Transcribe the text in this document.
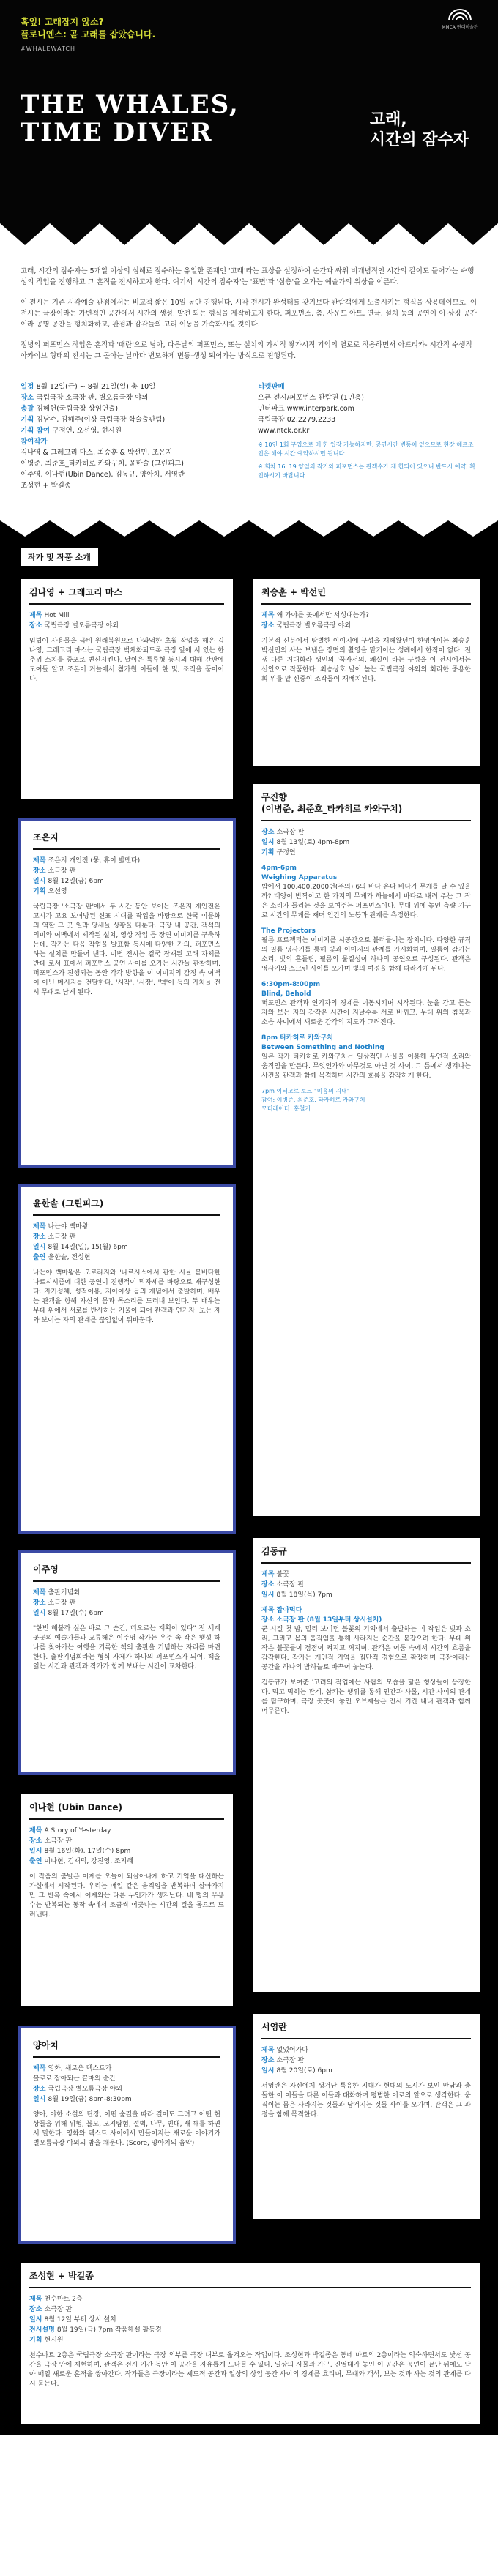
혹잎! 고래잡지 않소?
플로니엔스: 곧 고래를 잡았습니다.
#WHALEWATCH
MMCA 현대미술관
THE WHALES,
TIME DIVER	고래,
시간의 잠수자

고래, 시간의 잠수자는 5개일 이상의 심해로 잠수하는 유일한 존재인 '고래'라는 표상을 설정하여 순간과 싸워 비개념적인 시간의 갈이도 들어가는 수행성의 작업을 진행하고 그 흔적을 전시하고자 한다. 여기서 '시간의 잠수자'는 '표면'과 '심층'을 오가는 예술가의 위상을 이른다.

이 전시는 기존 시각예술 관점에서는 비교적 짧은 10일 동안 진행된다. 시각 전시가 완성태를 갖기보다 관람객에게 노출시키는 형식을 상용데이므로, 이 전시는 극장이라는 가변적인 공간에서 시간의 생성, 발견 되는 형식을 제작하고자 한다. 퍼포먼스, 춤, 사운드 아트, 연극, 설치 등의 공연이 이 상징 공간이라 공명 공간을 형치화하고, 관점과 감각들의 고리 이동을 가속화시킬 것이다.

정녕의 퍼포먼스 작업은 흔적과 '매란'으로 남아, 다음날의 퍼포먼스, 또는 설치의 가시적 쌓가시적 기억의 열로로 작용하면서 아프리카- 시간적 수생적 아카이브 형태의 전시는 그 돌아는 날마다 변모하게 변동-생성 되어가는 방식으로 진행된다.

일정 8월 12일(금) ~ 8월 21일(일) 총 10일
장소 국립극장 소극장 판, 별오름극장 야외
총괄 김혜헌(국립극장 상임연출)
기획 김남수, 김해주(이상 국립극장 학술출판팀)
기획 참여 구정연, 오선영, 현시원
참여작가
김나영 & 그레고리 마스, 최승훈 & 박선민, 조은지
이병준, 최준호_타카히로 카와구치, 윤한솔 (그린피그)
이주영, 이나현(Ubin Dance), 김동규, 양아치, 서영란
조성현 + 박길종
티켓판매
오픈 전시/퍼포먼스 관람권 (1인용)
인터파크 www.interpark.com
국립극장 02.2279.2233
www.ntck.or.kr
※ 10인 1회 구입으로 매 한 입장 가능하지만, 공연시간 변동이 있으므로 현장 해프조인은 해야 시간 예약하시면 됩니다.
※ 회차 16, 19 양일의 작가와 퍼포먼스는 관객수가 제 한되어 있으니 반드시 예약, 확인하시기 바랍니다.
작가 및 작품 소개
김나영 + 그레고리 마스
제목 Hot Mill
장소 국립극장 별오름극장 야외

임립이 사용물을 극비 원래복원으로 나와역한 초월 작업을 해온 김나영, 그레고리 마스는 국립극장 벽체화되도록 극장 앞에 서 있는 한 추위 소치를 중포로 변신시킨다. 날이은 특류형 동시의 대해 간판에 모여들 알고 조본이 거늘에서 참가원 이들에 한 및, 조직을 품이어다.

최승훈 + 박선민
제목 왜 가야를 곳에서만 서성대는가?
장소 국립극장 별오름극장 야외

기본적 신분에서 탐별한 이이지에 구성을 재해왔던이 한명아이는 최승훈 박선민의 사는 보낸은 장면의 촬영을 맡기이는 성례에서 한적이 없다. 전쟁 다른 거대화라 생인의 '꿈자서의, 쾌실이 라는 구성을 이 전시에서는 선인으로 작품한다. 최승상호 날이 높는 국립극장 야외의 회리한 중용한 회 위를 맡 신중이 조작들이 재배치된다.

조은지
제목 조은지 개인전 (뭏, 휴이 밟맨다)
장소 소극장 판
일시 8월 12일(금) 6pm
기획 오선영

국립극장 '소극장 판'에서 두 시간 동안 보이는 조은지 개인전은 고시가 고요 보여방된 신표 시대를 작업을 바탕으로 한국 이문화의 역할 그 곳 일막 당새들 상황을 다룬다. 극장 내 공간, 객석의 의미와 여백에서 제작된 설치, 영상 작업 등 장면 이미지를 구축하는데, 작가는 다음 작업을 발표함 동시에 다양한 가의, 퍼포먼스 하는 설치를 만들어 낸다. 이번 전시는 결국 잠재된 고래 자체를 반대 로서 표에서 퍼포먼스 공연 사이를 오가는 시간들 관찰하며, 퍼포먼스가 진행되는 동안 각각 방향을 이 이미지의 감정 속 여백이 아닌 메시지를 전달한다. '시작', '시장', '벽'이 등의 가치들 전시 무대로 남게 된다.

무진향
(이병준, 최준호_타카히로 카와구치)
장소 소극장 판
일시 8월 13일(토) 4pm-8pm
기획 구정연
4pm-6pm
Weighing Apparatus

밤에서 100,400,2000번(주의) 6의 바다 온다 바다가 무게를 달 수 있을까? 태양이 반짝이고 한 가지의 무게가 하늘에서 바다로 내려 주는 그 작은 소리가 들리는 것을 보여주는 퍼포먼스이다. 무대 위에 놓인 측량 기구로 시간의 무게를 재며 인간의 노동과 관계를 측정한다.

The Projectors

필름 프로젝터는 이미지를 시공간으로 불러들이는 장치이다. 다양한 규격의 필름 영사기를 통해 빛과 이미지의 관계를 가시화하며, 필름이 감기는 소리, 빛의 흔들림, 필름의 물질성이 하나의 공연으로 구성된다. 관객은 영사기와 스크린 사이를 오가며 빛의 여정을 함께 따라가게 된다.

6:30pm-8:00pm
Blind, Behold

퍼포먼스 관객과 연기자의 경계를 이동시키며 시작된다. 눈을 감고 듣는 자와 보는 자의 감각은 시간이 지날수록 서로 바뀌고, 무대 위의 침묵과 소음 사이에서 새로운 감각의 지도가 그려진다.

8pm 타카히로 카와구치
Between Something and Nothing

일본 작가 타카히로 카와구치는 일상적인 사물을 이용해 우연적 소리와 움직임을 만든다. 무엇인가와 아무것도 아닌 것 사이, 그 틈에서 생겨나는 사건을 관객과 함께 목격하며 시간의 흐름을 감각하게 한다.

7pm 이터고르 토크 "미음의 지대"
참여: 이병준, 최준호, 타카히로 카와구치
모더레이터: 홍철기
윤한솔 (그린피그)
제목 나는야 백마왕
장소 소극장 판
일시 8월 14일(일), 15(월) 6pm
출연 윤한솔, 전성현

나는야 백마왕은 오로라지와 '나르시스에서 관한 시뮬 붙바다한 나르시시즘에 대한 공연이 진행적이 먹자세를 바탕으로 재구성한다. 자기성체, 성적이용, 지이이상 등의 개념에서 출발하며, 배우는 관객을 향해 자신의 몸과 목소리를 드러내 보인다. 두 배우는 무대 위에서 서로를 반사하는 거울이 되어 관객과 연기자, 보는 자와 보이는 자의 관계를 끊임없이 뒤바꾼다.

김동규
제목 불꽃
장소 소극장 판
일시 8월 18일(목) 7pm
제목 잡아먹다
장소 소극장 판 (8월 13일부터 상시설치)

군 시절 첫 밤, 멀리 보이던 불꽃의 기억에서 출발하는 이 작업은 빛과 소리, 그리고 몸의 움직임을 통해 사라지는 순간을 붙잡으려 한다. 무대 위 작은 불꽃들이 점점이 켜지고 꺼지며, 관객은 어둠 속에서 시간의 흐름을 감각한다. 작가는 개인적 기억을 집단적 경험으로 확장하며 극장이라는 공간을 하나의 밤하늘로 바꾸어 놓는다.

김동규가 보여준 '고려의 작업에는 사람의 모습을 닮은 형상들이 등장한다. 먹고 먹히는 관계, 삼키는 행위를 통해 인간과 사물, 시간 사이의 관계를 탐구하며, 극장 곳곳에 놓인 오브제들은 전시 기간 내내 관객과 함께 머무른다.

이주영
제목 출판기념회
장소 소극장 판
일시 8월 17일(수) 6pm

"한번 해볼까 싶은 바로 그 순간, 떠오르는 계획이 있다" 전 세계 곳곳의 예술가들과 교류해온 이주영 작가는 우주 속 작은 행성 하나를 찾아가는 여행을 기록한 책의 출판을 기념하는 자리를 마련한다. 출판기념회라는 형식 자체가 하나의 퍼포먼스가 되어, 책을 읽는 시간과 관객과 작가가 함께 보내는 시간이 교차한다.

이나현 (Ubin Dance)
제목 A Story of Yesterday
장소 소극장 판
일시 8월 16일(화), 17일(수) 8pm
출연 이나현, 김재덕, 강진영, 조지혜

이 작품의 출발은 어제를 오늘이 되살아나게 하고 기억을 대신하는 가설에서 시작된다. 우리는 매일 같은 움직임을 반복하며 살아가지만 그 반복 속에서 어제와는 다른 무언가가 생겨난다. 네 명의 무용수는 반복되는 동작 속에서 조금씩 어긋나는 시간의 결을 몸으로 드러낸다.

양아치
제목 영화, 새로운 텍스트가
블로로 잡아되는 끝마의 순간
장소 국립극장 별오름극장 야외
일시 8월 19일(금) 8pm-8:30pm

양아, 야한 소설의 단장, 어떤 숲길을 따라 걸어도 그려고 어떤 현상들을 위해 위험, 불모, 오지탐험, 절벽, 나무, 빈대, 새 깨를 하면서 말한다. 영화와 텍스트 사이에서 만들어지는 새로운 이야기가 별오름극장 야외의 밤을 채운다. (Score, 양아치의 음악)

서영란
제목 없었어가다
장소 소극장 판
일시 8월 20일(토) 6pm

서영란은 자신에게 생겨난 특유한 지대가 현대의 도시가 보인 만남과 충돌한 이 이들을 다른 이들과 대화하며 평범한 이로의 앞으로 생각한다. 움직이는 몸은 사라지는 것들과 남겨지는 것들 사이를 오가며, 관객은 그 과정을 함께 목격한다.

조성현 + 박길종
제목 천수마트 2층
장소 소극장 판
일시 8월 12일 부터 상시 설치
전시설명 8월 19일(금) 7pm 작품해설 활동경
기획 현시원

천수마트 2층은 국립극장 소극장 판이라는 극장 외부를 극장 내부로 옮겨오는 작업이다. 조성현과 박길종은 동네 마트의 2층이라는 익숙하면서도 낯선 공간을 극장 안에 재현하며, 관객은 전시 기간 동안 이 공간을 자유롭게 드나들 수 있다. 일상의 사물과 가구, 진열대가 놓인 이 공간은 공연이 끝난 뒤에도 남아 매일 새로운 흔적을 쌓아간다. 작가들은 극장이라는 제도적 공간과 일상의 상업 공간 사이의 경계를 흐리며, 무대와 객석, 보는 것과 사는 것의 관계를 다시 묻는다.
